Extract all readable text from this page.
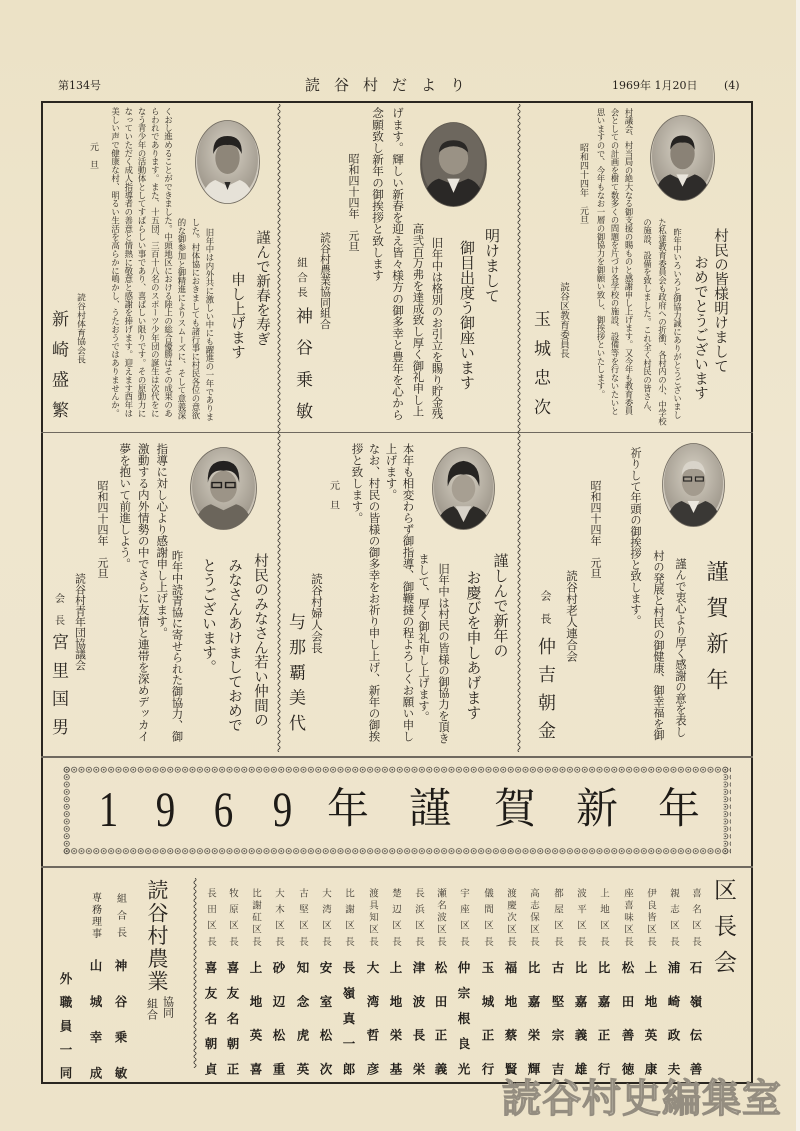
第134号	読谷村だより	1969年 1月20日 (4)
村民の皆様明けまして
おめでとうございます
昨年中いろいろと御協力誠にありがとうございまし
た私達教育委員会も政府への折衝、各村内の小、中学校
の施設、設備を致しました。これ全く村民の皆さん、
村議会、村当局の絶大なる御支援の賜ものと感謝申し上げます。又今年も教育委員
会としての計画を樹て数多くの問題を片づけ各学校の施設、設備等を行ないたいと
思いますので、今年もなお一層の御協力を御願い致し、御挨拶といたします。
昭和四十四年　元旦
読谷区教育委員長
玉城忠次
明けまして
御目出度う御座います
旧年中は格別のお引立を賜り貯金残
高弐百万弗を達成致し厚く御礼申し上
げます。輝しい新春を迎え皆々様方の御多幸と豊年を心から
念願致し新年の御挨拶と致します
昭和四十四年　元旦
読谷村農業協同組合
組合長
神谷乗敏
謹んで新春を寿ぎ
申し上げます
旧年中は内外共に激しい中にも躍進の一年でありま
した。村体協におきましても諸行事に村民各位の意欲
的な御参加と御精進によりスムーズに、そして意義深
くおし進めることができました。中頭地区における陸上の総合優勝はその成果のあ
らわれであります。また、十五団、三百十八名のスポーツ少年団の誕生は次代をに
なう青少年の活動体としてすばらしい事であり、喜ばしい限りです。その原動力に
なっていただく成人指導者の善意と情熱に敬意と感謝を捧げます。迎えます酉年は
美しい声で健康な村、明るい生活を高らかに鳴かし、うたおうではありませんか。
元旦
読谷村体育協会長
新崎盛繁
謹賀新年
謹んで衷心より厚く感謝の意を表し
村の発展と村民の御健康、御幸福を御
祈りして年頭の御挨拶と致します。
昭和四十四年　元旦
読谷村老人連合会
会長
仲吉朝金
謹しんで新年の
お慶びを申しあげます
旧年中は村民の皆様の御協力を頂き
まして、厚く御礼申し上げます。
本年も相変わらず御指導、御鞭撻の程よろしくお願い申し
上げます。
なお、村民の皆様の御多幸をお祈り申し上げ、新年の御挨
拶と致します。
元　旦
読谷村婦人会長
与那覇美代
村民のみなさん若い仲間の
みなさんあけましておめで
とうございます。
昨年中読青協に寄せられた御協力、御
指導に対し心より感謝申し上げます。
激動する内外情勢の中でさらに友情と連帯を深めデッカイ
夢を抱いて前進しよう。
昭和四十四年　元旦
読谷村青年団協議会
会長
宮里国男
1 9 6 9 年 謹 賀 新 年
区長会
喜名区長
石嶺伝善
親志区長
浦崎政夫
伊良皆区長
上地英康
座喜味区長
松田善徳
上地区長
比嘉正行
波平区長
比嘉義雄
都屋区長
古堅宗吉
高志保区長
比嘉栄輝
渡慶次区長
福地蔡賢
儀間区長
玉城正行
宇座区長
仲宗根良光
瀬名波区長
松田正義
長浜区長
津波長栄
楚辺区長
上地栄基
渡具知区長
大湾哲彦
比謝区長
長嶺真一郎
大湾区長
安室松次
古堅区長
知念虎英
大木区長
砂辺松重
比謝矼区長
上地英喜
牧原区長
喜友名朝正
長田区長
喜友名朝貞
読谷村農業
協同
組合
組合長
神谷乗敏
専務理事
山城幸成
外職員一同
読谷村史編集室
